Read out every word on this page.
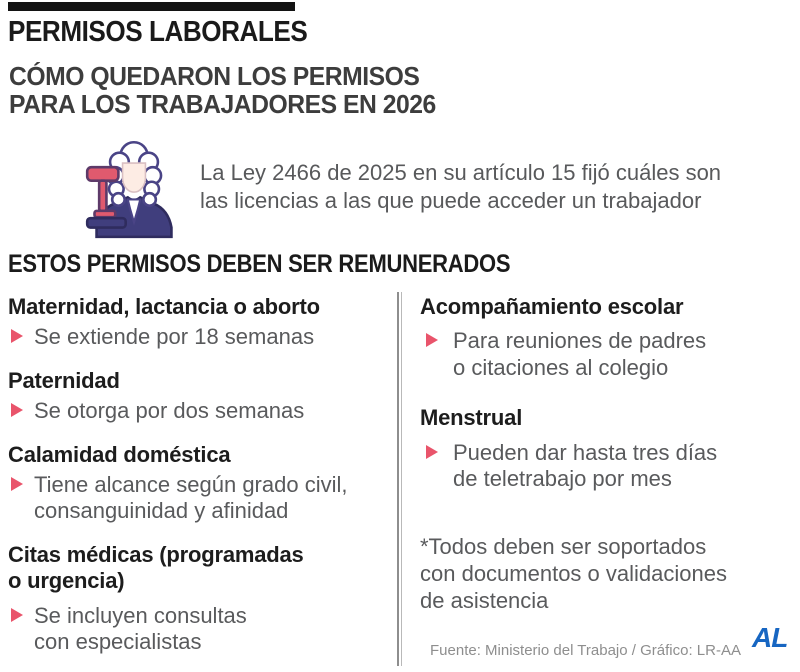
PERMISOS LABORALES
CÓMO QUEDARON LOS PERMISOS
PARA LOS TRABAJADORES EN 2026
La Ley 2466 de 2025 en su artículo 15 fijó cuáles son
las licencias a las que puede acceder un trabajador
ESTOS PERMISOS DEBEN SER REMUNERADOS
Maternidad, lactancia o aborto
Se extiende por 18 semanas
Paternidad
Se otorga por dos semanas
Calamidad doméstica
Tiene alcance según grado civil,
consanguinidad y afinidad
Citas médicas (programadas
o urgencia)
Se incluyen consultas
con especialistas
Acompañamiento escolar
Para reuniones de padres
o citaciones al colegio
Menstrual
Pueden dar hasta tres días
de teletrabajo por mes
*Todos deben ser soportados
con documentos o validaciones
de asistencia
Fuente: Ministerio del Trabajo / Gráfico: LR-AA AL
